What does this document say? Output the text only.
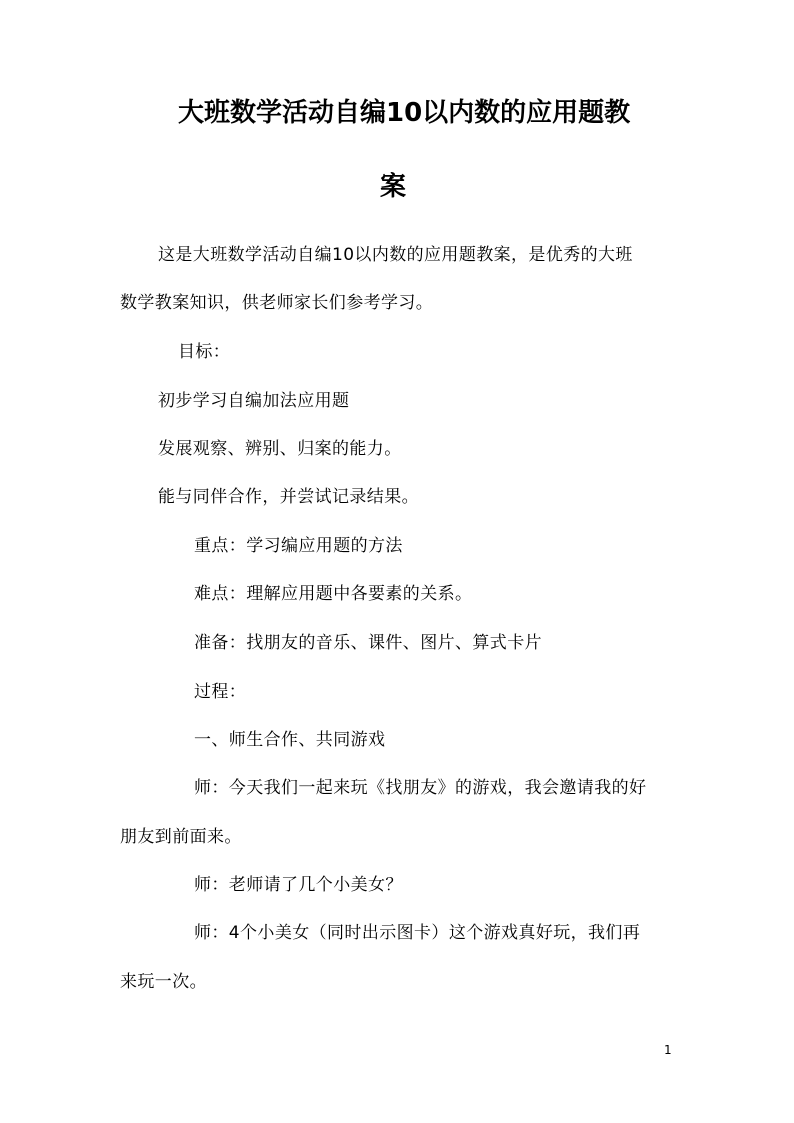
大班数学活动自编10以内数的应用题教
案
这是大班数学活动自编10以内数的应用题教案，是优秀的大班
数学教案知识，供老师家长们参考学习。
目标：
初步学习自编加法应用题
发展观察、辨别、归案的能力。
能与同伴合作，并尝试记录结果。
重点：学习编应用题的方法
难点：理解应用题中各要素的关系。
准备：找朋友的音乐、课件、图片、算式卡片
过程：
一、师生合作、共同游戏
师：今天我们一起来玩《找朋友》的游戏，我会邀请我的好
朋友到前面来。
师：老师请了几个小美女？
师：4个小美女（同时出示图卡）这个游戏真好玩，我们再
来玩一次。
1
